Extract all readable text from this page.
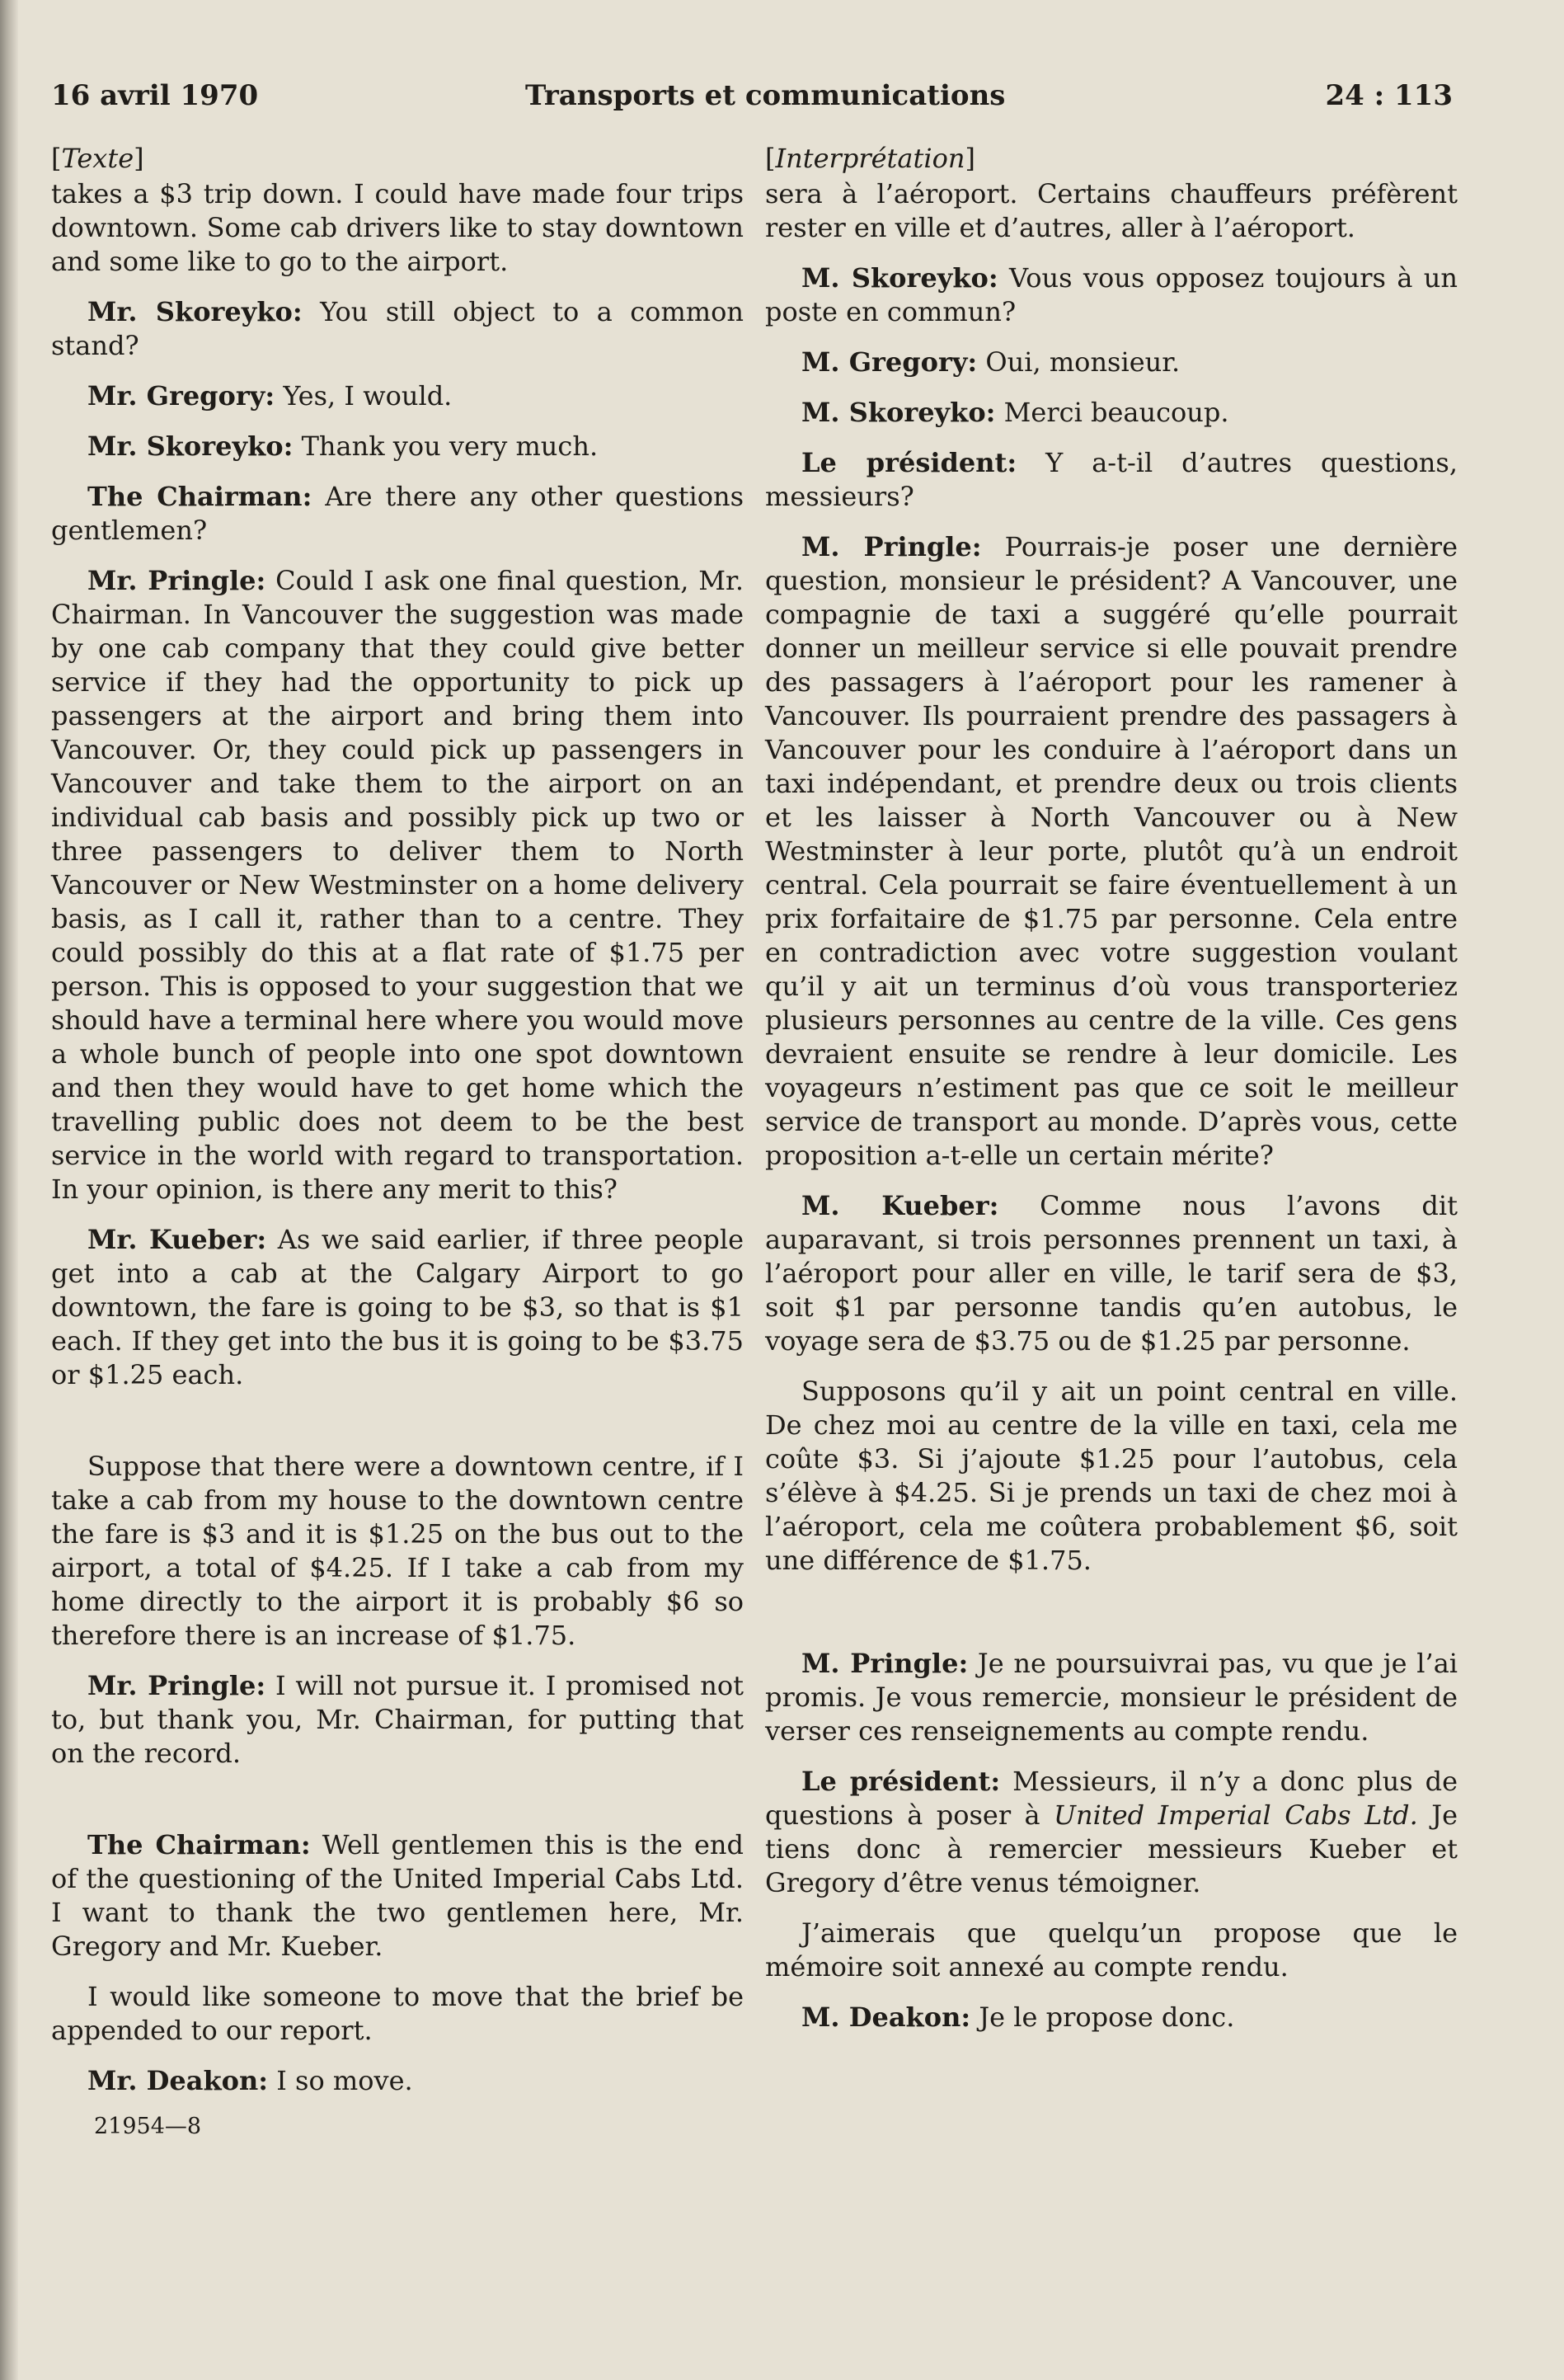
16 avril 1970	Transports et communications	24 : 113

[Texte]

takes a $3 trip down. I could have made four trips downtown. Some cab drivers like to stay downtown and some like to go to the airport.

Mr. Skoreyko: You still object to a common stand?

Mr. Gregory: Yes, I would.

Mr. Skoreyko: Thank you very much.

The Chairman: Are there any other questions gentlemen?

Mr. Pringle: Could I ask one final question, Mr. Chairman. In Vancouver the suggestion was made by one cab company that they could give better service if they had the opportunity to pick up passengers at the airport and bring them into Vancouver. Or, they could pick up passengers in Vancouver and take them to the airport on an individual cab basis and possibly pick up two or three passengers to deliver them to North Vancouver or New Westminster on a home delivery basis, as I call it, rather than to a centre. They could possibly do this at a flat rate of $1.75 per person. This is opposed to your suggestion that we should have a terminal here where you would move a whole bunch of people into one spot downtown and then they would have to get home which the travelling public does not deem to be the best service in the world with regard to transportation. In your opinion, is there any merit to this?

Mr. Kueber: As we said earlier, if three people get into a cab at the Calgary Airport to go downtown, the fare is going to be $3, so that is $1 each. If they get into the bus it is going to be $3.75 or $1.25 each.

Suppose that there were a downtown centre, if I take a cab from my house to the downtown centre the fare is $3 and it is $1.25 on the bus out to the airport, a total of $4.25. If I take a cab from my home directly to the airport it is probably $6 so therefore there is an increase of $1.75.

Mr. Pringle: I will not pursue it. I promised not to, but thank you, Mr. Chairman, for putting that on the record.

The Chairman: Well gentlemen this is the end of the questioning of the United Imperial Cabs Ltd. I want to thank the two gentlemen here, Mr. Gregory and Mr. Kueber.

I would like someone to move that the brief be appended to our report.

Mr. Deakon: I so move.

21954—8

[Interprétation]

sera à l’aéroport. Certains chauffeurs préfèrent rester en ville et d’autres, aller à l’aéroport.

M. Skoreyko: Vous vous opposez toujours à un poste en commun?

M. Gregory: Oui, monsieur.

M. Skoreyko: Merci beaucoup.

Le président: Y a-t-il d’autres questions, messieurs?

M. Pringle: Pourrais-je poser une dernière question, monsieur le président? A Vancouver, une compagnie de taxi a suggéré qu’elle pourrait donner un meilleur service si elle pouvait prendre des passagers à l’aéroport pour les ramener à Vancouver. Ils pourraient prendre des passagers à Vancouver pour les conduire à l’aéroport dans un taxi indépendant, et prendre deux ou trois clients et les laisser à North Vancouver ou à New Westminster à leur porte, plutôt qu’à un endroit central. Cela pourrait se faire éventuellement à un prix forfaitaire de $1.75 par personne. Cela entre en contradiction avec votre suggestion voulant qu’il y ait un terminus d’où vous transporteriez plusieurs personnes au centre de la ville. Ces gens devraient ensuite se rendre à leur domicile. Les voyageurs n’estiment pas que ce soit le meilleur service de transport au monde. D’après vous, cette proposition a-t-elle un certain mérite?

M. Kueber: Comme nous l’avons dit auparavant, si trois personnes prennent un taxi, à l’aéroport pour aller en ville, le tarif sera de $3, soit $1 par personne tandis qu’en autobus, le voyage sera de $3.75 ou de $1.25 par personne.

Supposons qu’il y ait un point central en ville. De chez moi au centre de la ville en taxi, cela me coûte $3. Si j’ajoute $1.25 pour l’autobus, cela s’élève à $4.25. Si je prends un taxi de chez moi à l’aéroport, cela me coûtera probablement $6, soit une différence de $1.75.

M. Pringle: Je ne poursuivrai pas, vu que je l’ai promis. Je vous remercie, monsieur le président de verser ces renseignements au compte rendu.

Le président: Messieurs, il n’y a donc plus de questions à poser à United Imperial Cabs Ltd. Je tiens donc à remercier messieurs Kueber et Gregory d’être venus témoigner.

J’aimerais que quelqu’un propose que le mémoire soit annexé au compte rendu.

M. Deakon: Je le propose donc.
